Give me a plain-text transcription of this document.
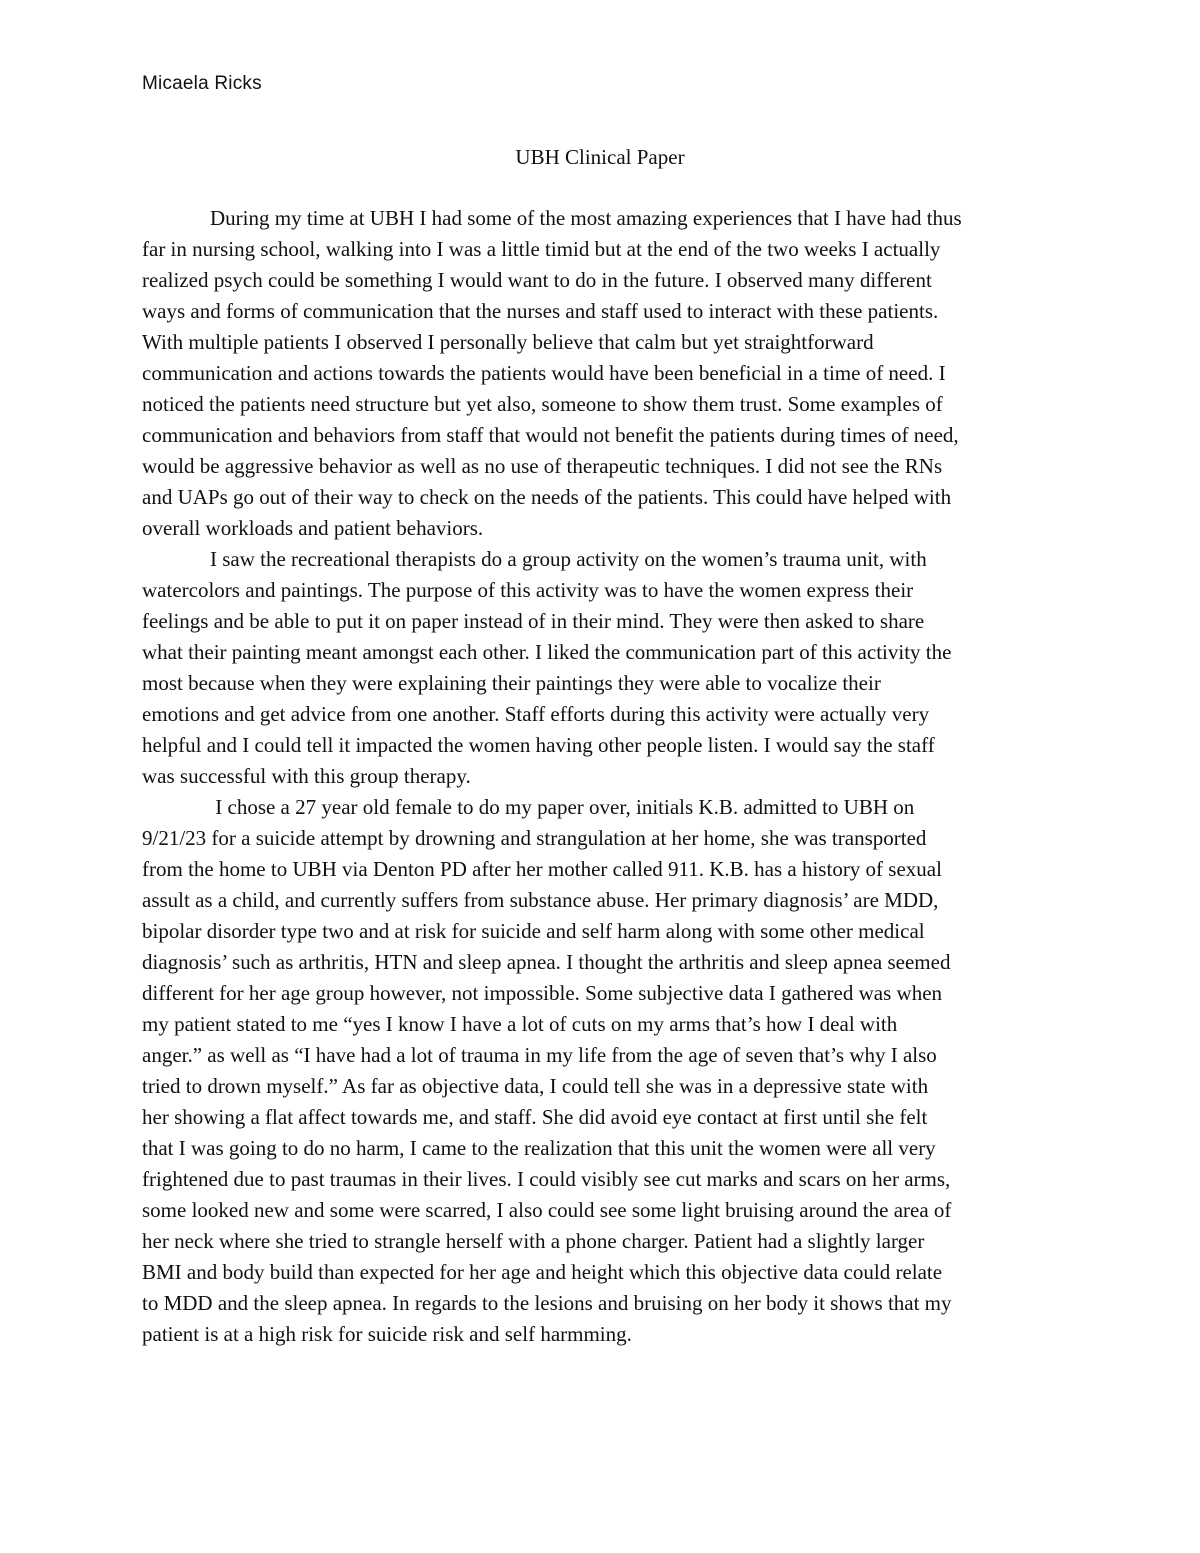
Micaela Ricks

UBH Clinical Paper
During my time at UBH I had some of the most amazing experiences that I have had thus
far in nursing school, walking into I was a little timid but at the end of the two weeks I actually
realized psych could be something I would want to do in the future. I observed many different
ways and forms of communication that the nurses and staff used to interact with these patients.
With multiple patients I observed I personally believe that calm but yet straightforward
communication and actions towards the patients would have been beneficial in a time of need. I
noticed the patients need structure but yet also, someone to show them trust. Some examples of
communication and behaviors from staff that would not benefit the patients during times of need,
would be aggressive behavior as well as no use of therapeutic techniques. I did not see the RNs
and UAPs go out of their way to check on the needs of the patients. This could have helped with
overall workloads and patient behaviors.
I saw the recreational therapists do a group activity on the women’s trauma unit, with
watercolors and paintings. The purpose of this activity was to have the women express their
feelings and be able to put it on paper instead of in their mind. They were then asked to share
what their painting meant amongst each other. I liked the communication part of this activity the
most because when they were explaining their paintings they were able to vocalize their
emotions and get advice from one another. Staff efforts during this activity were actually very
helpful and I could tell it impacted the women having other people listen. I would say the staff
was successful with this group therapy.
I chose a 27 year old female to do my paper over, initials K.B. admitted to UBH on
9/21/23 for a suicide attempt by drowning and strangulation at her home, she was transported
from the home to UBH via Denton PD after her mother called 911. K.B. has a history of sexual
assult as a child, and currently suffers from substance abuse. Her primary diagnosis’ are MDD,
bipolar disorder type two and at risk for suicide and self harm along with some other medical
diagnosis’ such as arthritis, HTN and sleep apnea. I thought the arthritis and sleep apnea seemed
different for her age group however, not impossible. Some subjective data I gathered was when
my patient stated to me “yes I know I have a lot of cuts on my arms that’s how I deal with
anger.” as well as “I have had a lot of trauma in my life from the age of seven that’s why I also
tried to drown myself.” As far as objective data, I could tell she was in a depressive state with
her showing a flat affect towards me, and staff. She did avoid eye contact at first until she felt
that I was going to do no harm, I came to the realization that this unit the women were all very
frightened due to past traumas in their lives. I could visibly see cut marks and scars on her arms,
some looked new and some were scarred, I also could see some light bruising around the area of
her neck where she tried to strangle herself with a phone charger. Patient had a slightly larger
BMI and body build than expected for her age and height which this objective data could relate
to MDD and the sleep apnea. In regards to the lesions and bruising on her body it shows that my
patient is at a high risk for suicide risk and self harmming.
